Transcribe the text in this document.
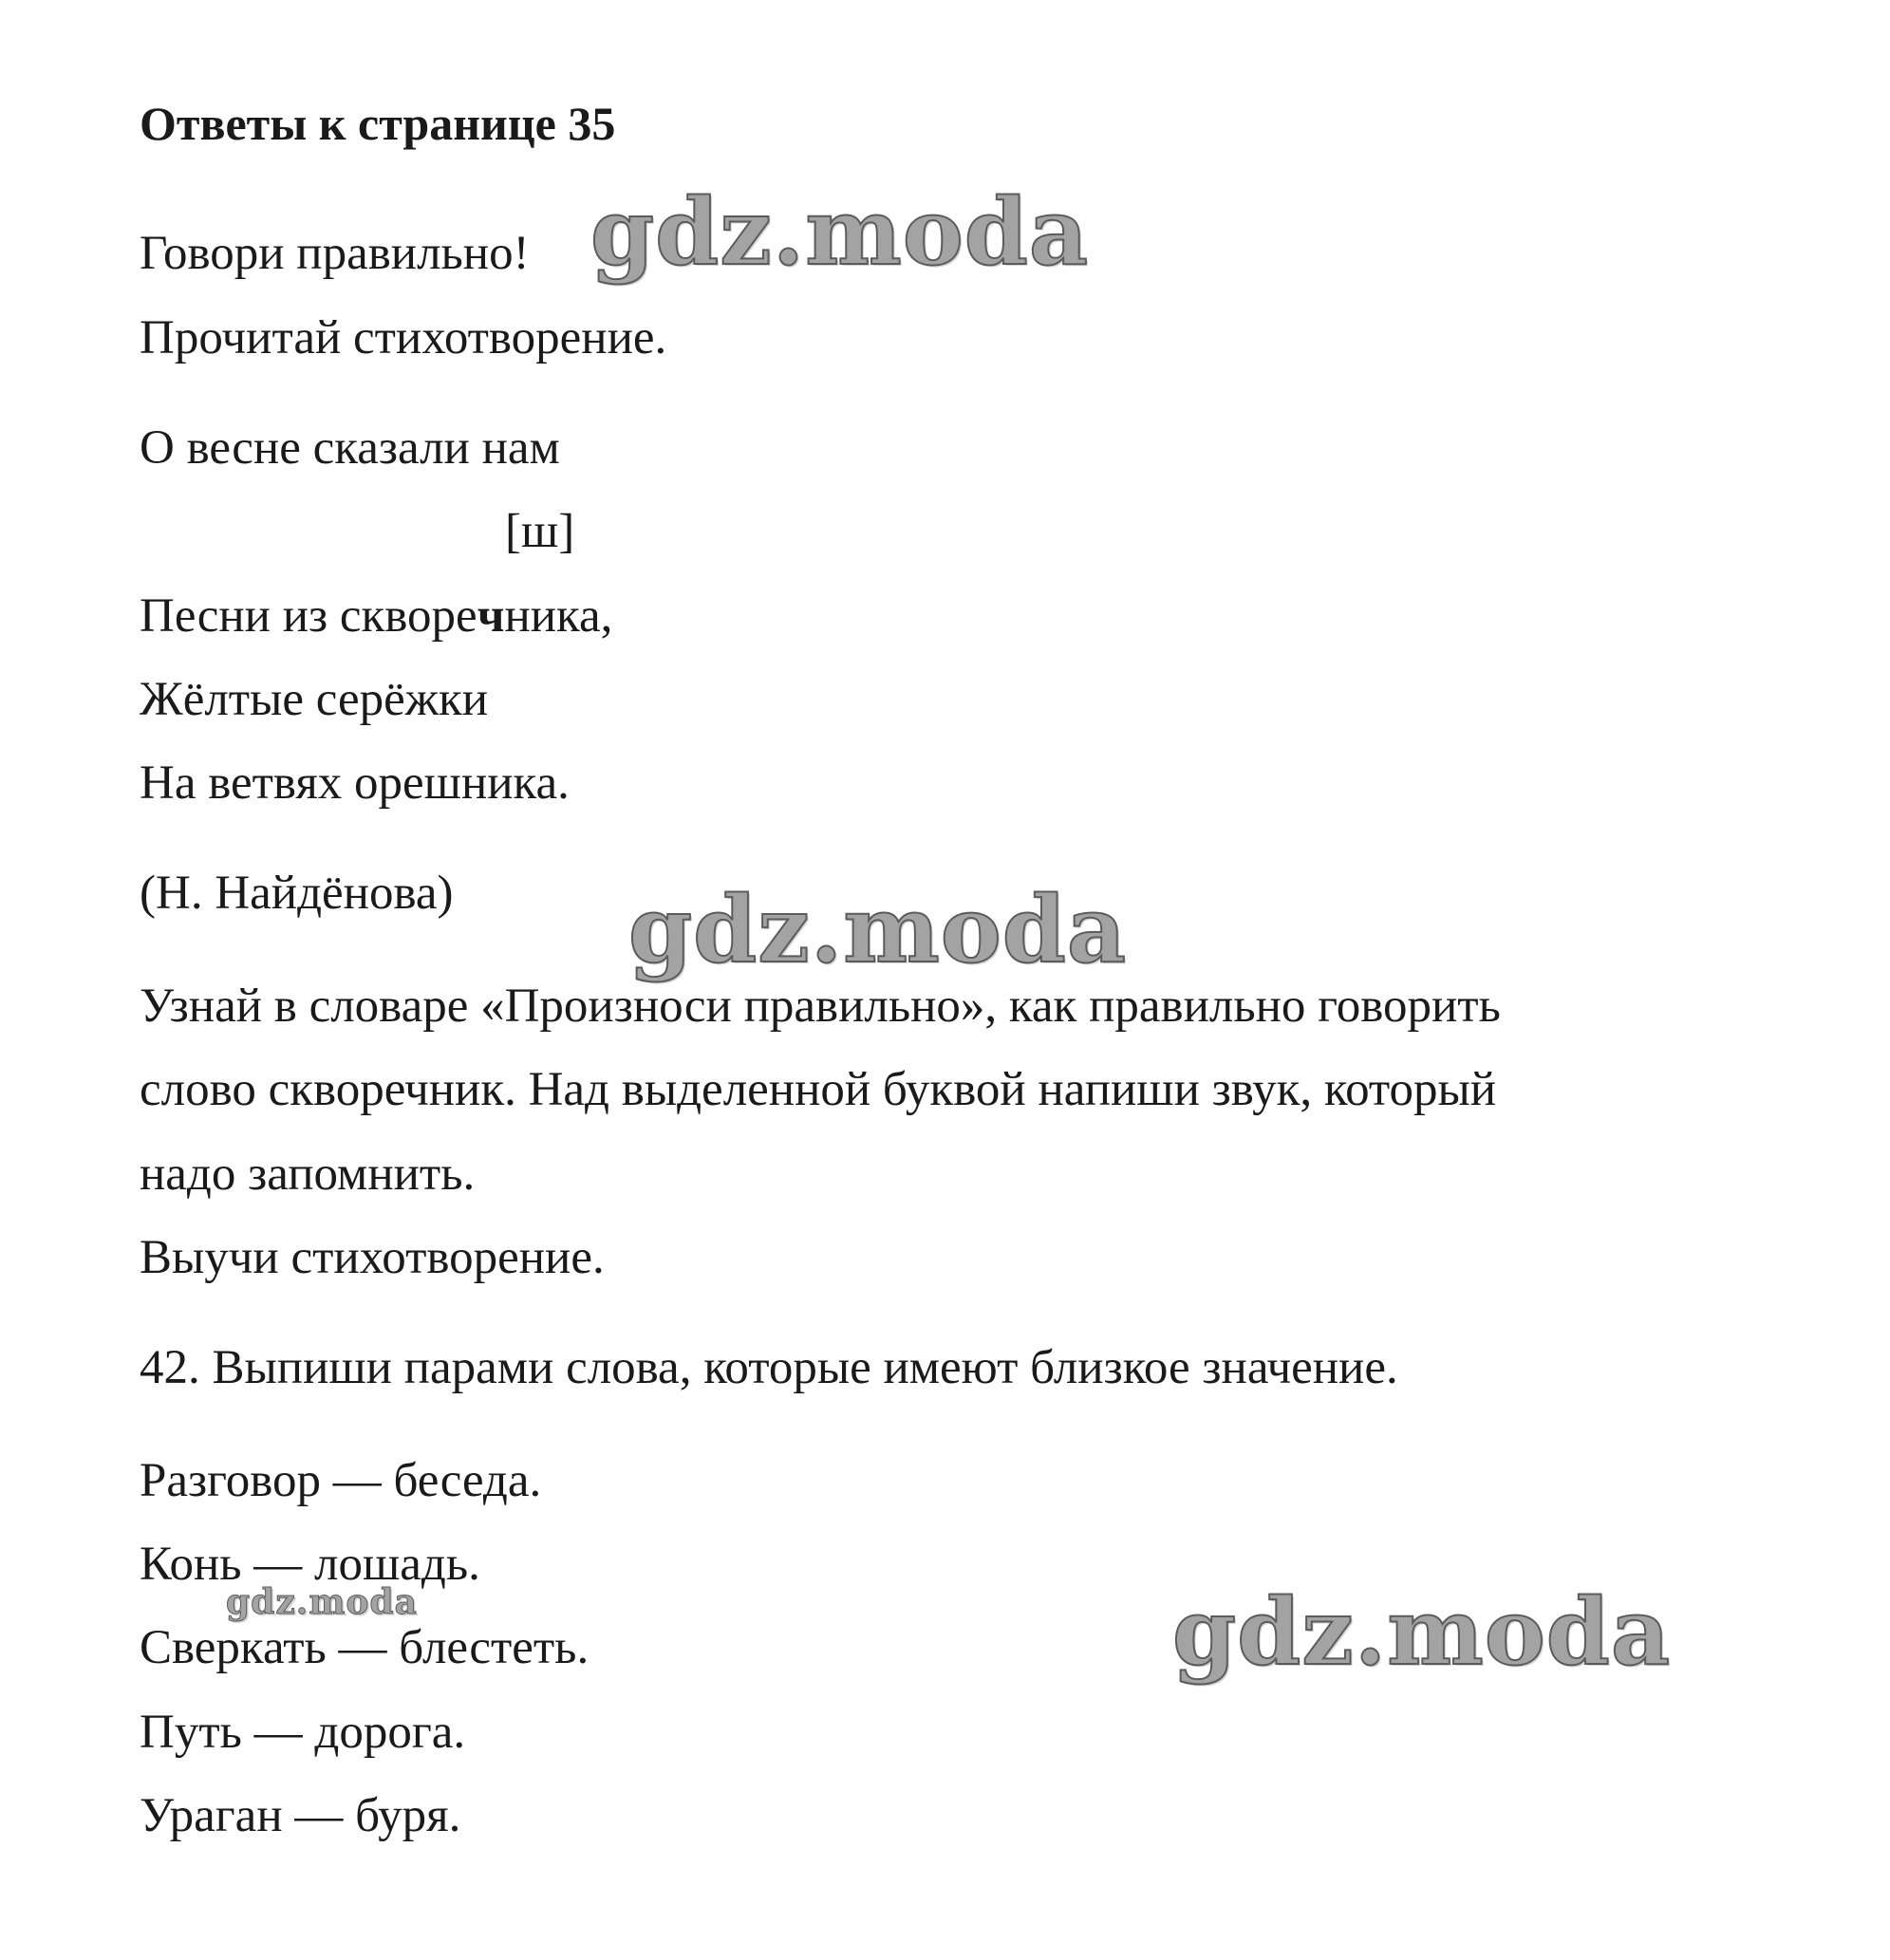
Ответы к странице 35

Говори правильно!

Прочитай стихотворение.

О весне сказали нам

[ш]

Песни из скворечника,

Жёлтые серёжки

На ветвях орешника.

(Н. Найдёнова)

Узнай в словаре «Произноси правильно», как правильно говорить

слово скворечник. Над выделенной буквой напиши звук, который

надо запомнить.

Выучи стихотворение.

42. Выпиши парами слова, которые имеют близкое значение.

Разговор — беседа.

Конь — лошадь.

Сверкать — блестеть.

Путь — дорога.

Ураган — буря.

gdz.moda
gdz.moda
gdz.moda	gdz.moda
